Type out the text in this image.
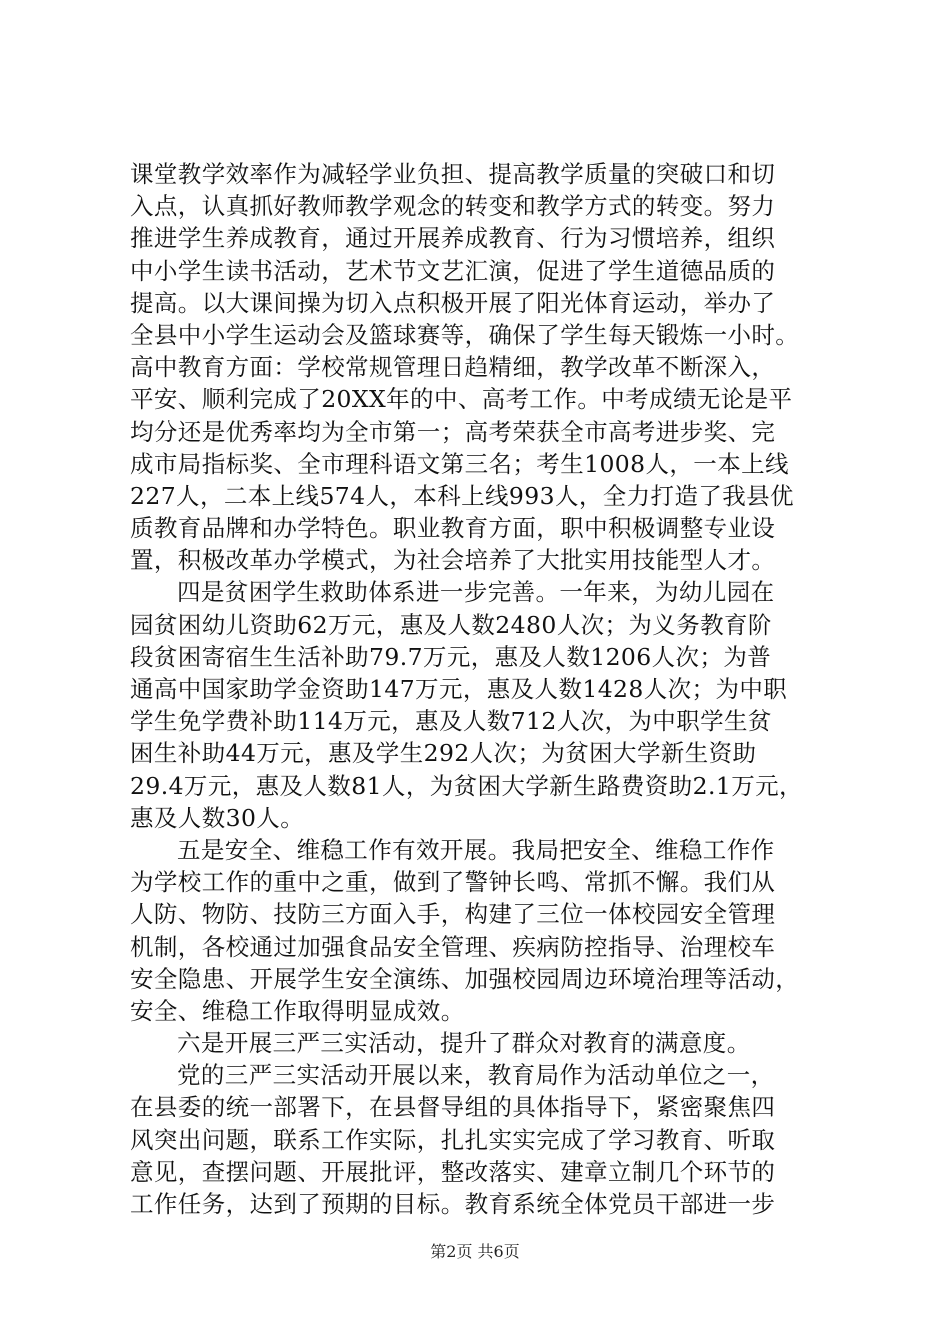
课堂教学效率作为减轻学业负担、提高教学质量的突破口和切
入点，认真抓好教师教学观念的转变和教学方式的转变。努力
推进学生养成教育，通过开展养成教育、行为习惯培养，组织
中小学生读书活动，艺术节文艺汇演，促进了学生道德品质的
提高。以大课间操为切入点积极开展了阳光体育运动，举办了
全县中小学生运动会及篮球赛等，确保了学生每天锻炼一小时。
高中教育方面：学校常规管理日趋精细，教学改革不断深入，
平安、顺利完成了20XX年的中、高考工作。中考成绩无论是平
均分还是优秀率均为全市第一；高考荣获全市高考进步奖、完
成市局指标奖、全市理科语文第三名；考生1008人，一本上线
227人，二本上线574人，本科上线993人，全力打造了我县优
质教育品牌和办学特色。职业教育方面，职中积极调整专业设
置，积极改革办学模式，为社会培养了大批实用技能型人才。
四是贫困学生救助体系进一步完善。一年来，为幼儿园在
园贫困幼儿资助62万元，惠及人数2480人次；为义务教育阶
段贫困寄宿生生活补助79.7万元，惠及人数1206人次；为普
通高中国家助学金资助147万元，惠及人数1428人次；为中职
学生免学费补助114万元，惠及人数712人次，为中职学生贫
困生补助44万元，惠及学生292人次；为贫困大学新生资助
29.4万元，惠及人数81人，为贫困大学新生路费资助2.1万元，
惠及人数30人。
五是安全、维稳工作有效开展。我局把安全、维稳工作作
为学校工作的重中之重，做到了警钟长鸣、常抓不懈。我们从
人防、物防、技防三方面入手，构建了三位一体校园安全管理
机制，各校通过加强食品安全管理、疾病防控指导、治理校车
安全隐患、开展学生安全演练、加强校园周边环境治理等活动，
安全、维稳工作取得明显成效。
六是开展三严三实活动，提升了群众对教育的满意度。
党的三严三实活动开展以来，教育局作为活动单位之一，
在县委的统一部署下，在县督导组的具体指导下，紧密聚焦四
风突出问题，联系工作实际，扎扎实实完成了学习教育、听取
意见，查摆问题、开展批评，整改落实、建章立制几个环节的
工作任务，达到了预期的目标。教育系统全体党员干部进一步
第2页 共6页
